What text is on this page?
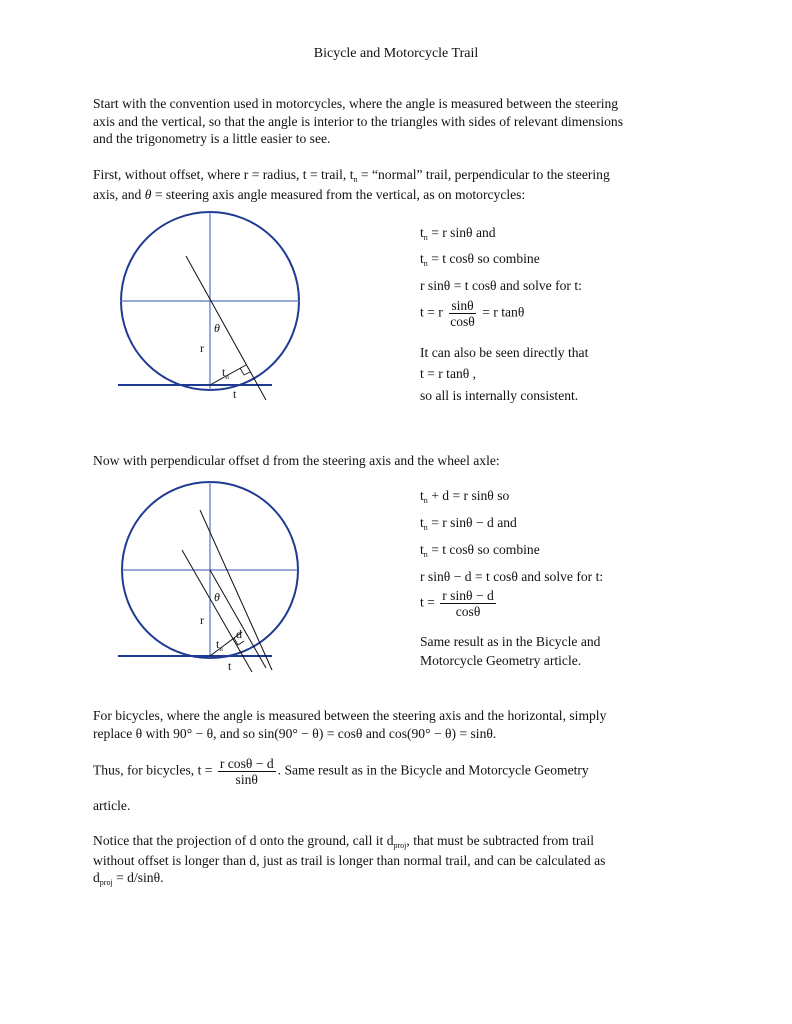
Bicycle and Motorcycle Trail

Start with the convention used in motorcycles, where the angle is measured between the steering

axis and the vertical, so that the angle is interior to the triangles with sides of relevant dimensions

and the trigonometry is a little easier to see.

First, without offset, where r = radius, t = trail, $t_n$ = “normal” trail, perpendicular to the steering

axis, and θ = steering axis angle measured from the vertical, as on motorcycles:

θ
r
$t_n$
t
$t_n = r$ sinθ and
$t_n = t$ cosθ so combine
r sinθ = t cosθ and solve for t:
t = r $\frac{\sin\theta}{\cos\theta} = r$ tanθ
It can also be seen directly that
t = r tanθ ,
so all is internally consistent.

Now with perpendicular offset d from the steering axis and the wheel axle:

θ
r
d
$t_n$
t
$t_n + d = r$ sinθ so
$t_n = r$ sinθ − d and
$t_n = t$ cosθ so combine
r sinθ − d = t cosθ and solve for t:
$t = \frac{\text{r sinθ − d}}{\cos\theta}$
Same result as in the Bicycle and
Motorcycle Geometry article.

For bicycles, where the angle is measured between the steering axis and the horizontal, simply

replace θ with 90° − θ, and so sin(90° − θ) = cosθ and cos(90° − θ) = sinθ.

Thus, for bicycles, $t = \frac{\text{r cosθ − d}}{\sin\theta}$ . Same result as in the Bicycle and Motorcycle Geometry
article.

Notice that the projection of d onto the ground, call it $d_{proj}$, that must be subtracted from trail

without offset is longer than d, just as trail is longer than normal trail, and can be calculated as

$d_{proj} = d/\sin\theta$.
